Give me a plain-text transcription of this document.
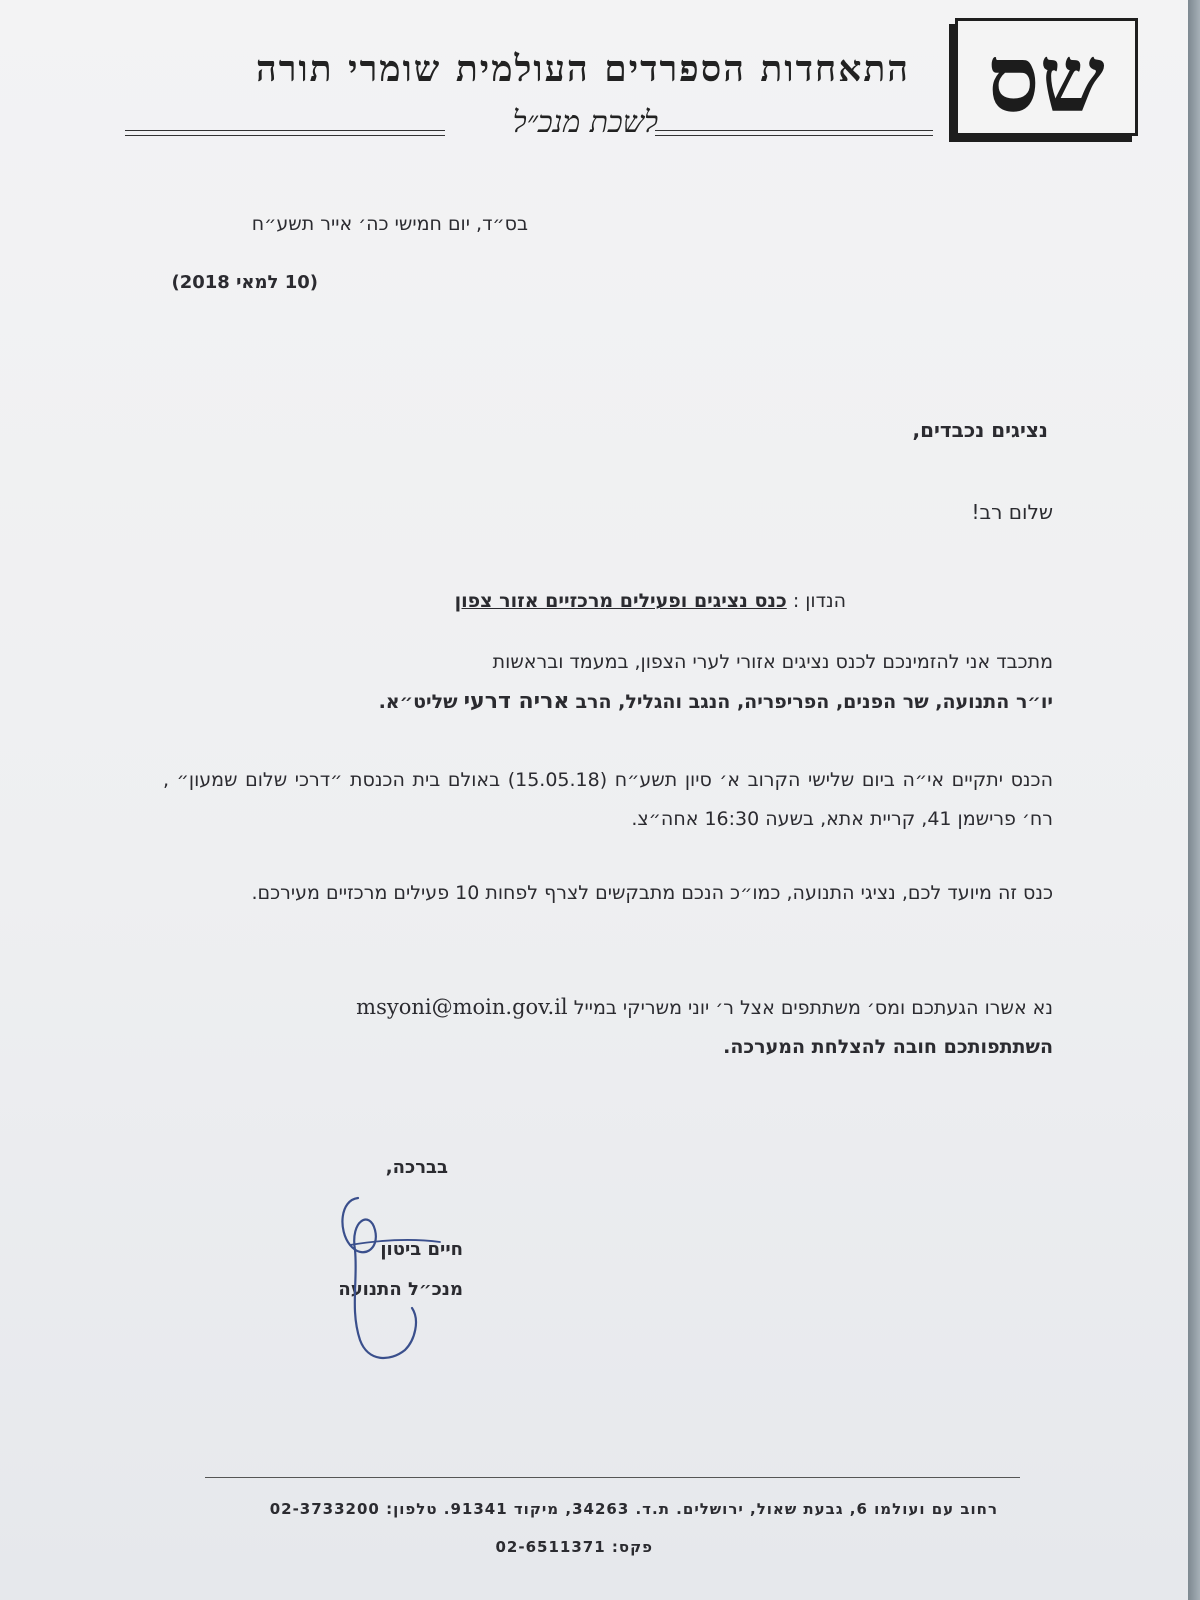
שס
התאחדות הספרדים העולמית שומרי תורה
לשכת מנכ״ל
בס״ד, יום חמישי כה׳ אייר תשע״ח
(10 למאי 2018)
נציגים נכבדים,
שלום רב!
הנדון : כנס נציגים ופעילים מרכזיים אזור צפון
מתכבד אני להזמינכם לכנס נציגים אזורי לערי הצפון, במעמד ובראשות
יו״ר התנועה, שר הפנים, הפריפריה, הנגב והגליל, הרב אריה דרעי שליט״א.
הכנס יתקיים אי״ה ביום שלישי הקרוב א׳ סיון תשע״ח (15.05.18) באולם בית הכנסת ״דרכי שלום שמעון״ , רח׳ פרישמן 41, קריית אתא, בשעה 16:30 אחה״צ.
כנס זה מיועד לכם, נציגי התנועה, כמו״כ הנכם מתבקשים לצרף לפחות 10 פעילים מרכזיים מעירכם.
נא אשרו הגעתכם ומס׳ משתתפים אצל ר׳ יוני משריקי במייל msyoni@moin.gov.il
השתתפותכם חובה להצלחת המערכה.
בברכה,
חיים ביטון
מנכ״ל התנועה
רחוב עם ועולמו 6, גבעת שאול, ירושלים. ת.ד. 34263, מיקוד 91341. טלפון: 02-3733200
פקס: 02-6511371
